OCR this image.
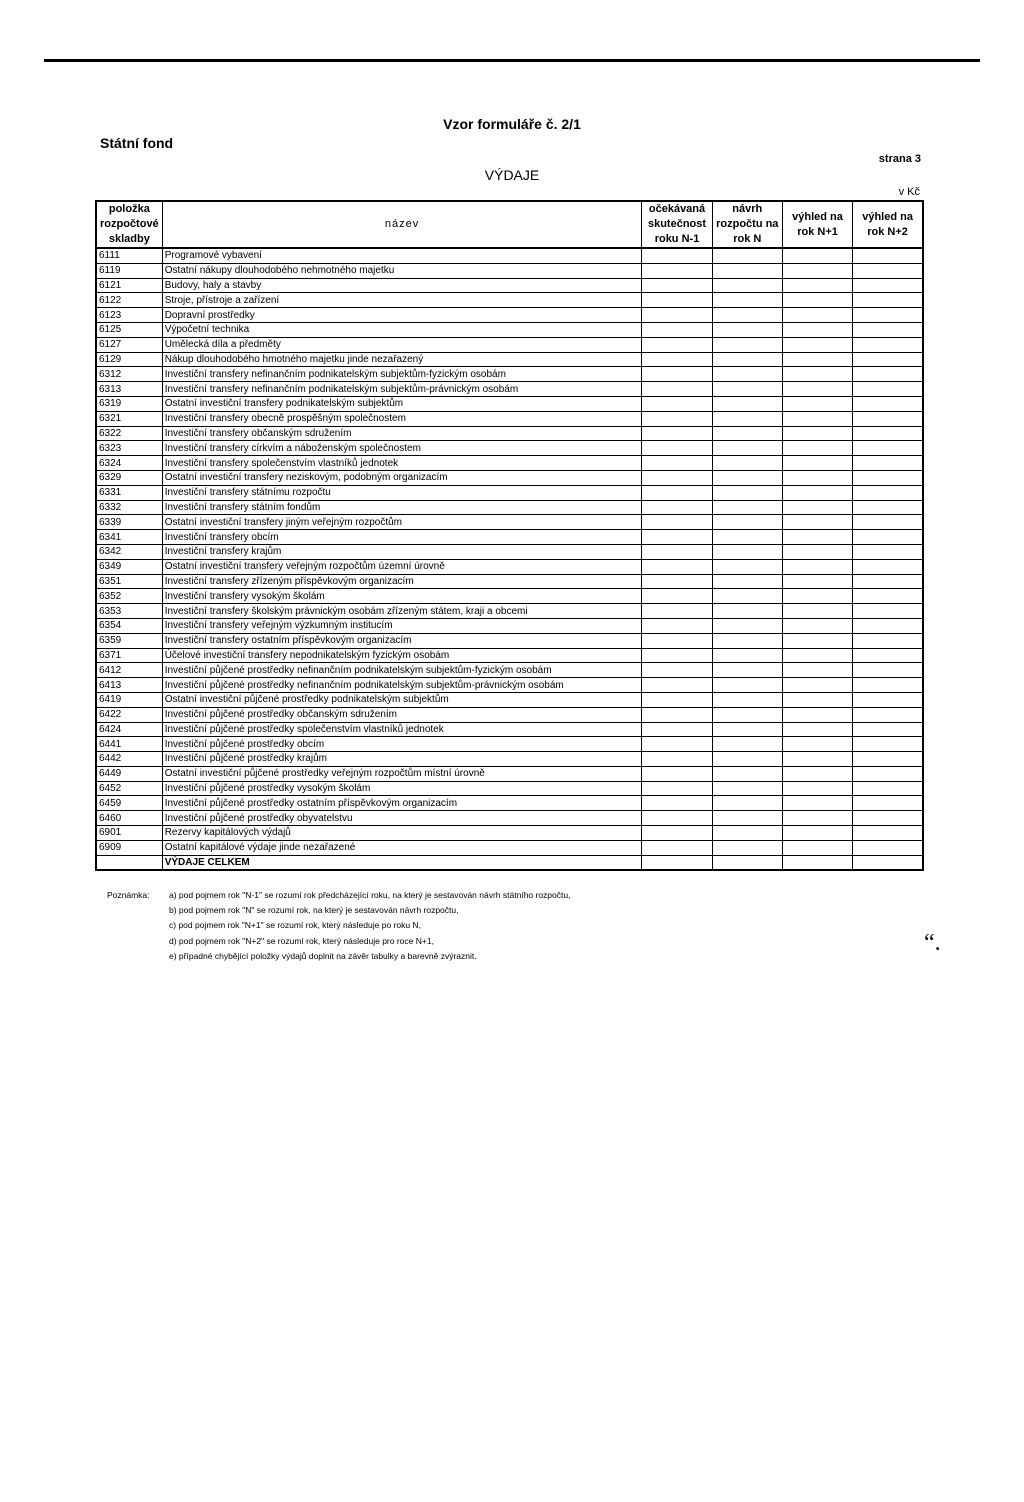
Vzor formuláře č. 2/1
Státní fond
strana 3
VÝDAJE
v Kč
položka rozpočtové skladby	název	očekávaná skutečnost roku N-1	návrh rozpočtu na rok N	výhled na rok N+1	výhled na rok N+2
6111	Programové vybavení				
6119	Ostatní nákupy dlouhodobého nehmotného majetku				
6121	Budovy, haly a stavby				
6122	Stroje, přístroje a zařízení				
6123	Dopravní prostředky				
6125	Výpočetní technika				
6127	Umělecká díla a předměty				
6129	Nákup dlouhodobého hmotného majetku jinde nezařazený				
6312	Investiční transfery nefinančním podnikatelským subjektům-fyzickým osobám				
6313	Investiční transfery nefinančním podnikatelským subjektům-právnickým osobám				
6319	Ostatní investiční transfery podnikatelským subjektům				
6321	Investiční transfery obecně prospěšným společnostem				
6322	Investiční transfery občanským sdružením				
6323	Investiční transfery církvím a náboženským společnostem				
6324	Investiční transfery společenstvím vlastníků jednotek				
6329	Ostatní investiční transfery neziskovým, podobným organizacím				
6331	Investiční transfery státnímu rozpočtu				
6332	Investiční transfery státním fondům				
6339	Ostatní investiční transfery jiným veřejným rozpočtům				
6341	Investiční transfery obcím				
6342	Investiční transfery krajům				
6349	Ostatní investiční transfery veřejným rozpočtům územní úrovně				
6351	Investiční transfery zřízeným příspěvkovým organizacím				
6352	Investiční transfery vysokým školám				
6353	Investiční transfery školským právnickým osobám zřízeným státem, kraji a obcemi				
6354	Investiční transfery veřejným výzkumným institucím				
6359	Investiční transfery ostatním příspěvkovým organizacím				
6371	Účelové investiční transfery nepodnikatelským fyzickým osobám				
6412	Investiční půjčené prostředky nefinančním podnikatelským subjektům-fyzickým osobám				
6413	Investiční půjčené prostředky nefinančním podnikatelským subjektům-právnickým osobám				
6419	Ostatní investiční půjčené prostředky podnikatelským subjektům				
6422	Investiční půjčené prostředky občanským sdružením				
6424	Investiční půjčené prostředky společenstvím vlastníků jednotek				
6441	Investiční půjčené prostředky obcím				
6442	Investiční půjčené prostředky krajům				
6449	Ostatní investiční půjčené prostředky veřejným rozpočtům místní úrovně				
6452	Investiční půjčené prostředky vysokým školám				
6459	Investiční půjčené prostředky ostatním příspěvkovým organizacím				
6460	Investiční půjčené prostředky obyvatelstvu				
6901	Rezervy kapitálových výdajů				
6909	Ostatní kapitálové výdaje jinde nezařazené				
	VÝDAJE CELKEM				
Poznámka: a) pod pojmem rok "N-1" se rozumí rok předcházející roku, na který je sestavován návrh státního rozpočtu,
b) pod pojmem rok "N" se rozumí rok, na který je sestavován návrh rozpočtu,
c) pod pojmem rok "N+1" se rozumí rok, který následuje po roku N,
d) pod pojmem rok "N+2" se rozumí rok, který následuje pro roce N+1,
e) případné chybějící položky výdajů doplnit na závěr tabulky a barevně zvýraznit.	“.
